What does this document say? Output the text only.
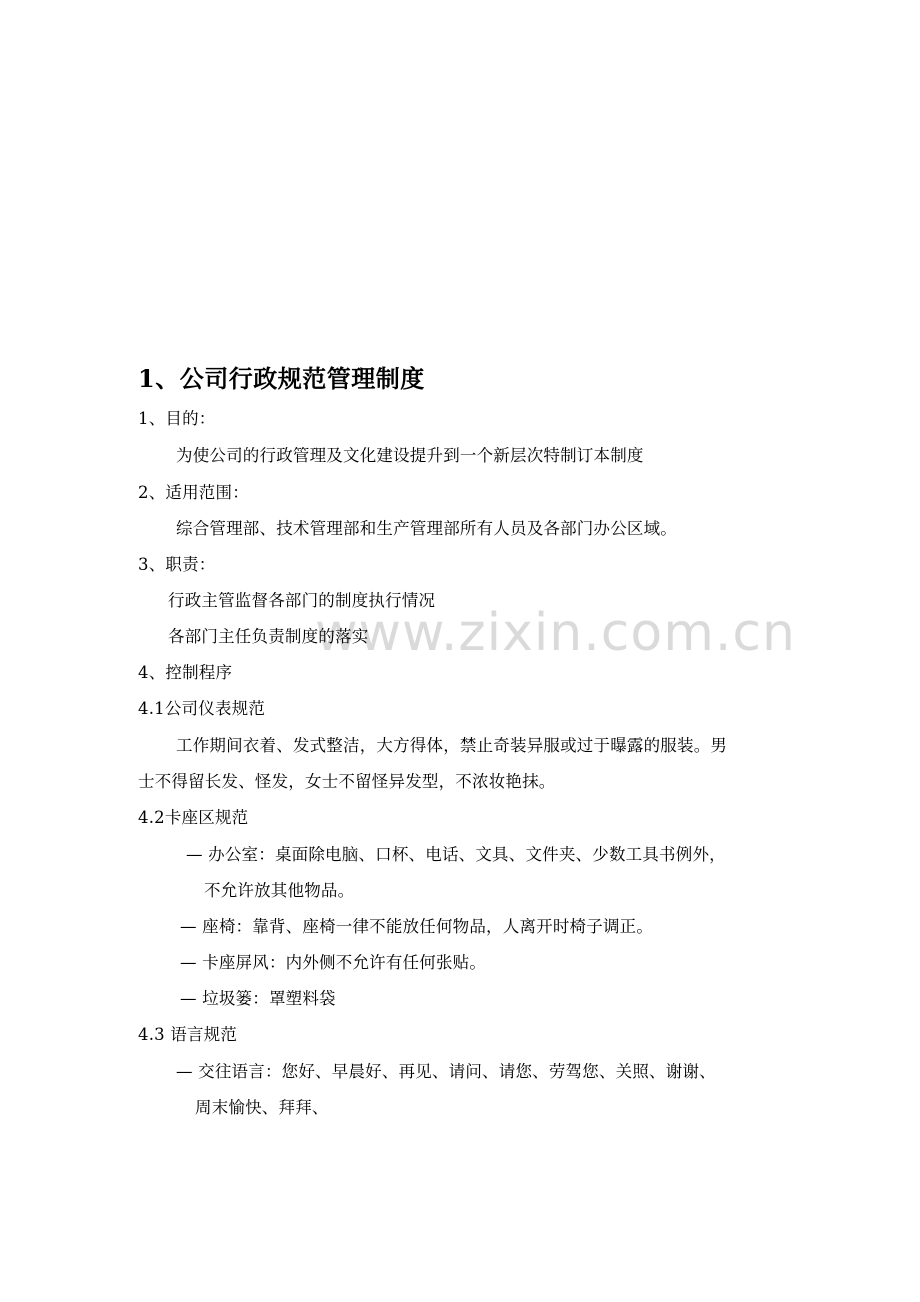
www.zixin.com.cn
1、公司行政规范管理制度
1、目的：
为使公司的行政管理及文化建设提升到一个新层次特制订本制度
2、适用范围：
综合管理部、技术管理部和生产管理部所有人员及各部门办公区域。
3、职责：
行政主管监督各部门的制度执行情况
各部门主任负责制度的落实
4、控制程序
4.1公司仪表规范
工作期间衣着、发式整洁，大方得体，禁止奇装异服或过于曝露的服装。男
士不得留长发、怪发，女士不留怪异发型，不浓妆艳抹。
4.2卡座区规范
— 办公室：桌面除电脑、口杯、电话、文具、文件夹、少数工具书例外，
不允许放其他物品。
— 座椅：靠背、座椅一律不能放任何物品，人离开时椅子调正。
— 卡座屏风：内外侧不允许有任何张贴。
— 垃圾篓：罩塑料袋
4.3 语言规范
— 交往语言：您好、早晨好、再见、请问、请您、劳驾您、关照、谢谢、
周末愉快、拜拜、
